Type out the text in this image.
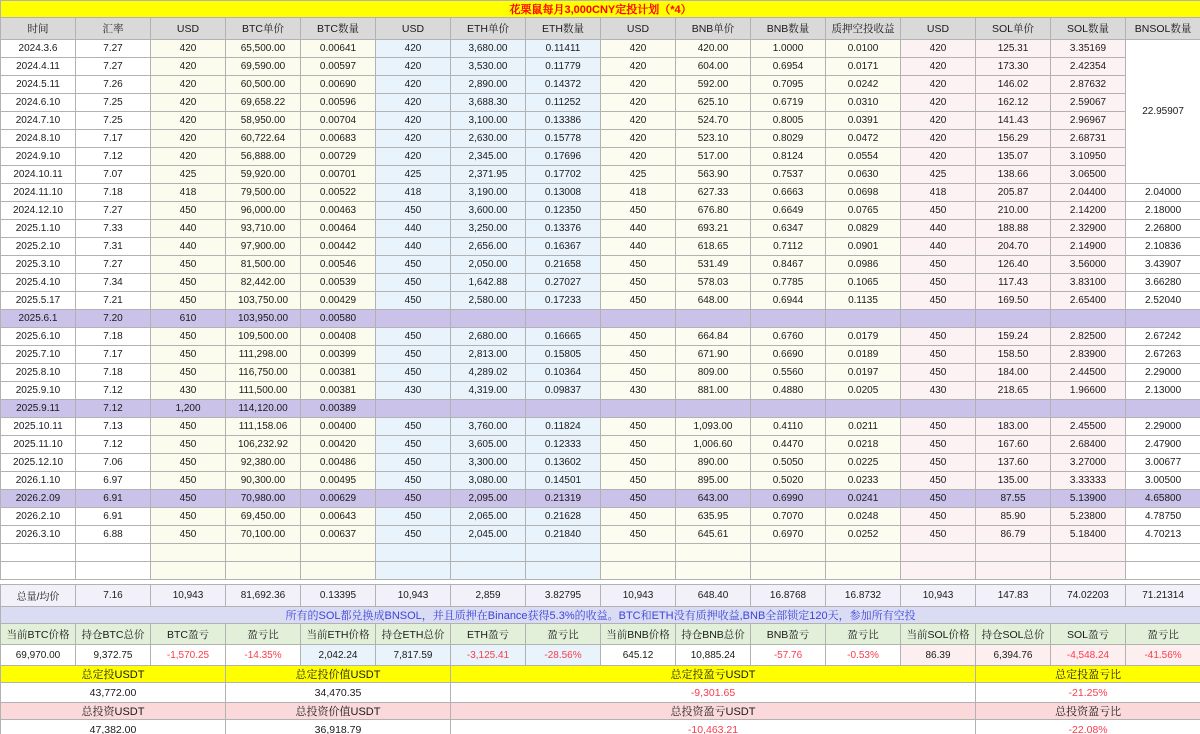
花栗鼠每月3,000CNY定投计划（*4）															
时间	汇率	USD	BTC单价	BTC数量	USD	ETH单价	ETH数量	USD	BNB单价	BNB数量	质押空投收益	USD	SOL单价	SOL数量	BNSOL数量
2024.3.6	7.27	420	65,500.00	0.00641	420	3,680.00	0.11411	420	420.00	1.0000	0.0100	420	125.31	3.35169	22.95907
2024.4.11	7.27	420	69,590.00	0.00597	420	3,530.00	0.11779	420	604.00	0.6954	0.0171	420	173.30	2.42354	
2024.5.11	7.26	420	60,500.00	0.00690	420	2,890.00	0.14372	420	592.00	0.7095	0.0242	420	146.02	2.87632	
2024.6.10	7.25	420	69,658.22	0.00596	420	3,688.30	0.11252	420	625.10	0.6719	0.0310	420	162.12	2.59067	
2024.7.10	7.25	420	58,950.00	0.00704	420	3,100.00	0.13386	420	524.70	0.8005	0.0391	420	141.43	2.96967	
2024.8.10	7.17	420	60,722.64	0.00683	420	2,630.00	0.15778	420	523.10	0.8029	0.0472	420	156.29	2.68731	
2024.9.10	7.12	420	56,888.00	0.00729	420	2,345.00	0.17696	420	517.00	0.8124	0.0554	420	135.07	3.10950	
2024.10.11	7.07	425	59,920.00	0.00701	425	2,371.95	0.17702	425	563.90	0.7537	0.0630	425	138.66	3.06500	
2024.11.10	7.18	418	79,500.00	0.00522	418	3,190.00	0.13008	418	627.33	0.6663	0.0698	418	205.87	2.04400	2.04000
2024.12.10	7.27	450	96,000.00	0.00463	450	3,600.00	0.12350	450	676.80	0.6649	0.0765	450	210.00	2.14200	2.18000
2025.1.10	7.33	440	93,710.00	0.00464	440	3,250.00	0.13376	440	693.21	0.6347	0.0829	440	188.88	2.32900	2.26800
2025.2.10	7.31	440	97,900.00	0.00442	440	2,656.00	0.16367	440	618.65	0.7112	0.0901	440	204.70	2.14900	2.10836
2025.3.10	7.27	450	81,500.00	0.00546	450	2,050.00	0.21658	450	531.49	0.8467	0.0986	450	126.40	3.56000	3.43907
2025.4.10	7.34	450	82,442.00	0.00539	450	1,642.88	0.27027	450	578.03	0.7785	0.1065	450	117.43	3.83100	3.66280
2025.5.17	7.21	450	103,750.00	0.00429	450	2,580.00	0.17233	450	648.00	0.6944	0.1135	450	169.50	2.65400	2.52040
2025.6.1	7.20	610	103,950.00	0.00580											
2025.6.10	7.18	450	109,500.00	0.00408	450	2,680.00	0.16665	450	664.84	0.6760	0.0179	450	159.24	2.82500	2.67242
2025.7.10	7.17	450	111,298.00	0.00399	450	2,813.00	0.15805	450	671.90	0.6690	0.0189	450	158.50	2.83900	2.67263
2025.8.10	7.18	450	116,750.00	0.00381	450	4,289.02	0.10364	450	809.00	0.5560	0.0197	450	184.00	2.44500	2.29000
2025.9.10	7.12	430	111,500.00	0.00381	430	4,319.00	0.09837	430	881.00	0.4880	0.0205	430	218.65	1.96600	2.13000
2025.9.11	7.12	1,200	114,120.00	0.00389											
2025.10.11	7.13	450	111,158.06	0.00400	450	3,760.00	0.11824	450	1,093.00	0.4110	0.0211	450	183.00	2.45500	2.29000
2025.11.10	7.12	450	106,232.92	0.00420	450	3,605.00	0.12333	450	1,006.60	0.4470	0.0218	450	167.60	2.68400	2.47900
2025.12.10	7.06	450	92,380.00	0.00486	450	3,300.00	0.13602	450	890.00	0.5050	0.0225	450	137.60	3.27000	3.00677
2026.1.10	6.97	450	90,300.00	0.00495	450	3,080.00	0.14501	450	895.00	0.5020	0.0233	450	135.00	3.33333	3.00500
2026.2.09	6.91	450	70,980.00	0.00629	450	2,095.00	0.21319	450	643.00	0.6990	0.0241	450	87.55	5.13900	4.65800
2026.2.10	6.91	450	69,450.00	0.00643	450	2,065.00	0.21628	450	635.95	0.7070	0.0248	450	85.90	5.23800	4.78750
2026.3.10	6.88	450	70,100.00	0.00637	450	2,045.00	0.21840	450	645.61	0.6970	0.0252	450	86.79	5.18400	4.70213

总量/均价	7.16	10,943	81,692.36	0.13395	10,943	2,859	3.82795	10,943	648.40	16.8768	16.8732	10,943	147.83	74.02203	71.21314
所有的SOL都兑换成BNSOL，并且质押在Binance获得5.3%的收益。BTC和ETH没有质押收益,BNB全部锁定120天，参加所有空投															
当前BTC价格	持仓BTC总价	BTC盈亏	盈亏比	当前ETH价格	持仓ETH总价	ETH盈亏	盈亏比	当前BNB价格	持仓BNB总价	BNB盈亏	盈亏比	当前SOL价格	持仓SOL总价	SOL盈亏	盈亏比
69,970.00	9,372.75	-1,570.25	-14.35%	2,042.24	7,817.59	-3,125.41	-28.56%	645.12	10,885.24	-57.76	-0.53%	86.39	6,394.76	-4,548.24	-41.56%
总定投USDT			总定投价值USDT			总定投盈亏USDT							总定投盈亏比		
43,772.00			34,470.35			-9,301.65							-21.25%		
总投资USDT			总投资价值USDT			总投资盈亏USDT							总投资盈亏比		
47,382.00			36,918.79			-10,463.21							-22.08%		
